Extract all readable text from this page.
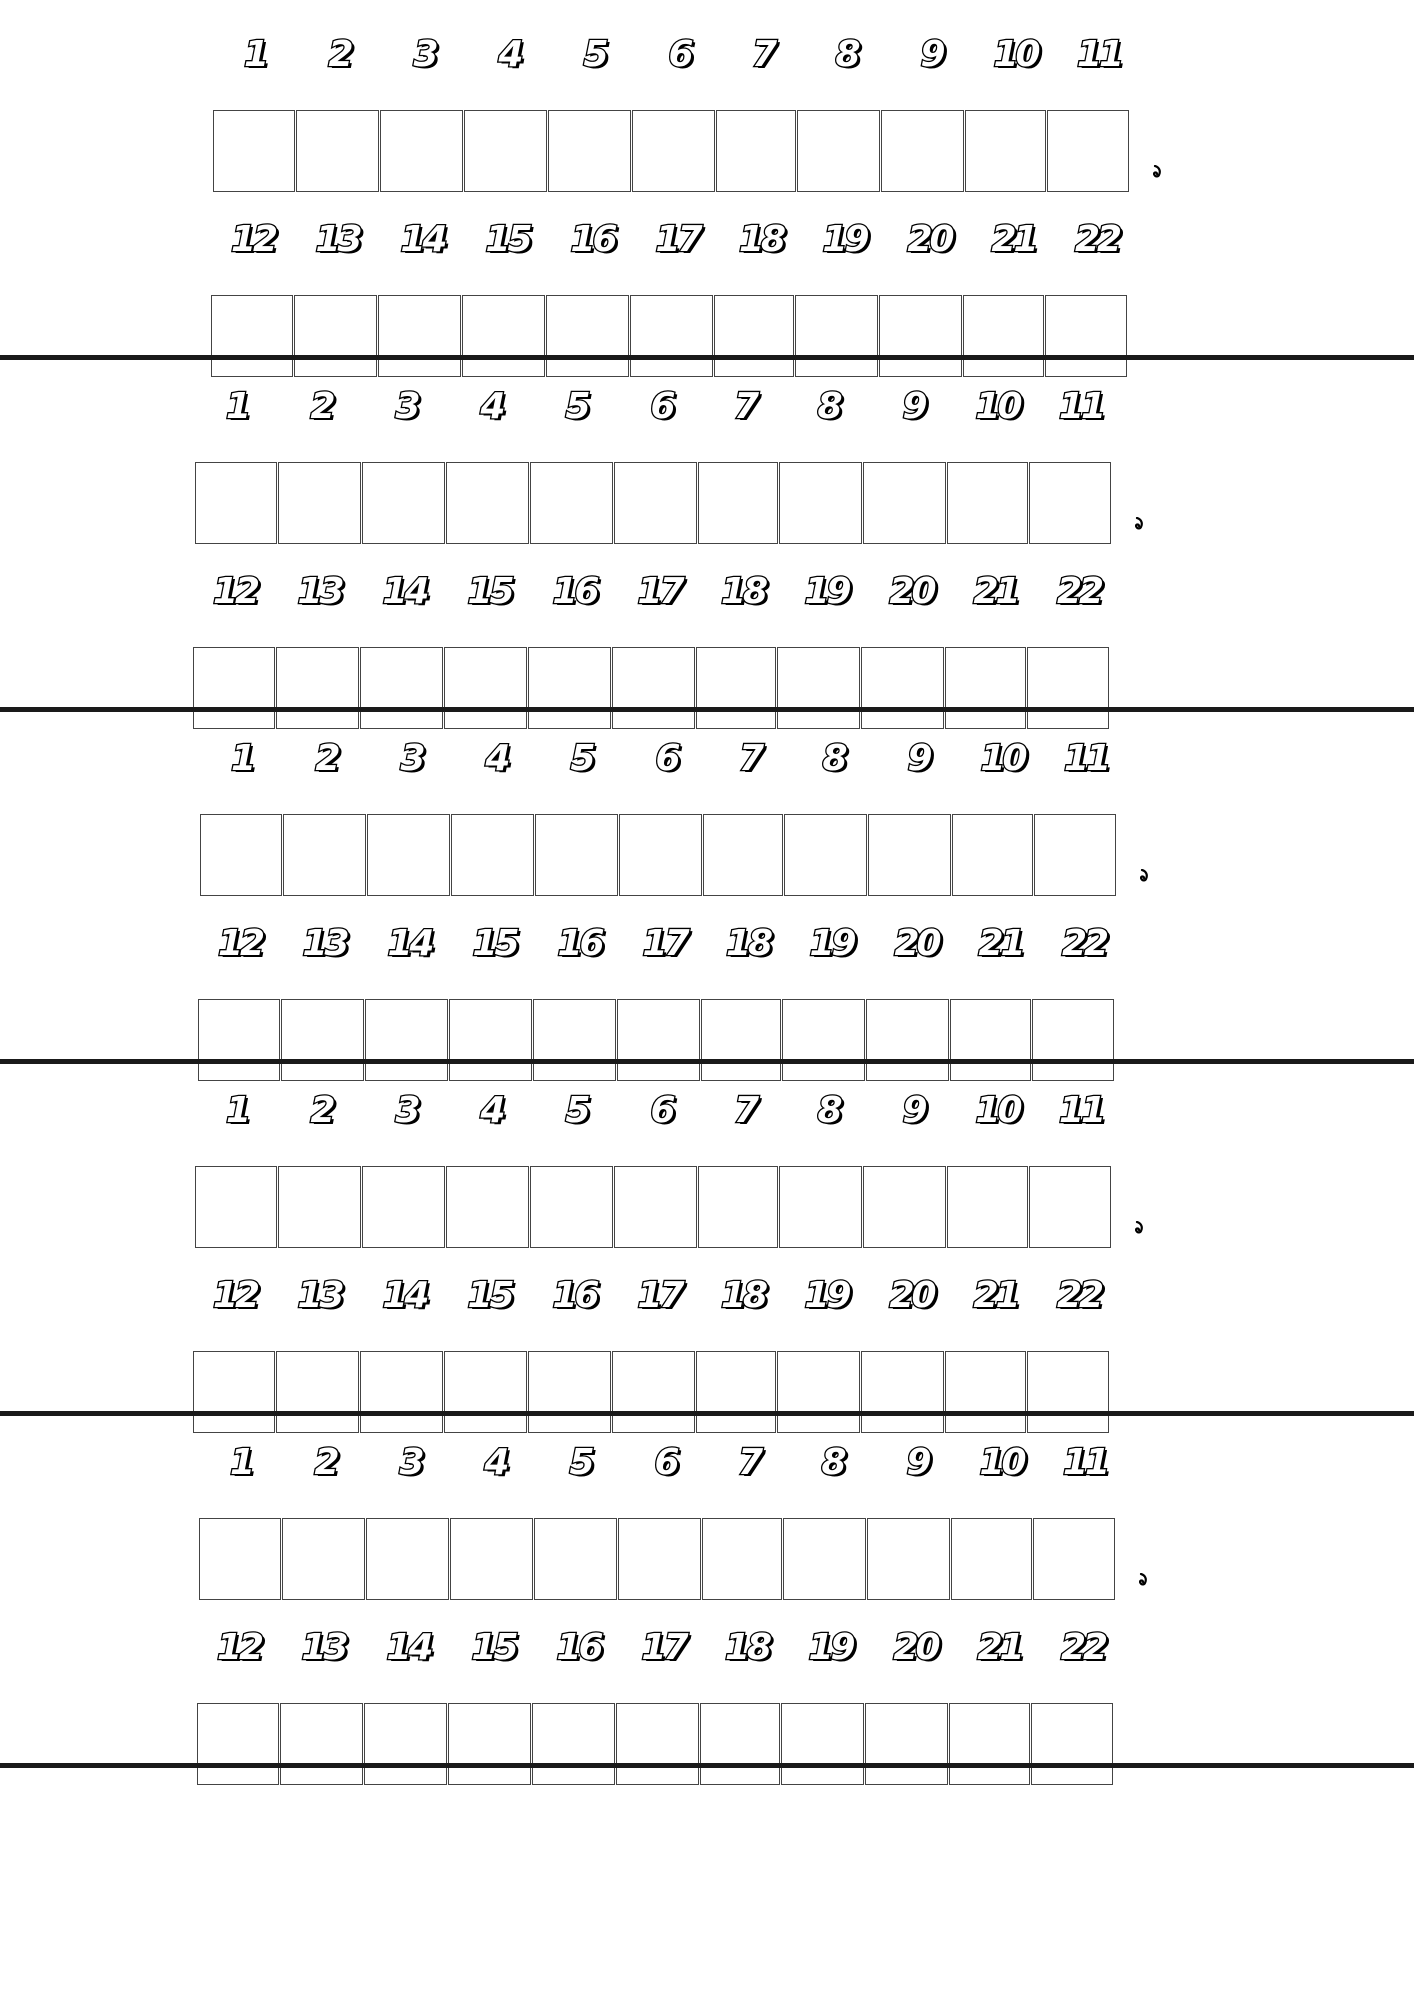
1	2	3	4	5	6	7	8	9	10	11
12	13	14	15	16	17	18	19	20	21	22
1	2	3	4	5	6	7	8	9	10	11
12	13	14	15	16	17	18	19	20	21	22
1	2	3	4	5	6	7	8	9	10	11
12	13	14	15	16	17	18	19	20	21	22
1	2	3	4	5	6	7	8	9	10	11
12	13	14	15	16	17	18	19	20	21	22
1	2	3	4	5	6	7	8	9	10	11
12	13	14	15	16	17	18	19	20	21	22
